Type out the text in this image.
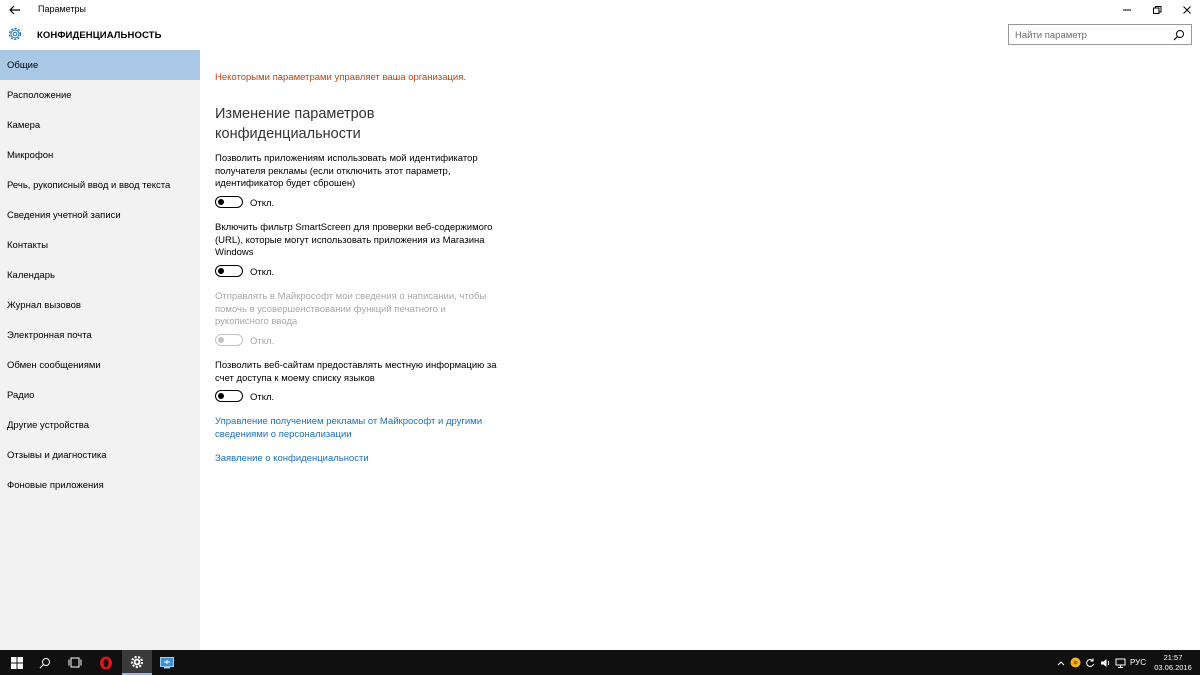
Параметры
КОНФИДЕНЦИАЛЬНОСТЬ	Найти параметр
Общие
Расположение
Камера
Микрофон
Речь, рукописный ввод и ввод текста
Сведения учетной записи
Контакты
Календарь
Журнал вызовов
Электронная почта
Обмен сообщениями
Радио
Другие устройства
Отзывы и диагностика
Фоновые приложения
Некоторыми параметрами управляет ваша организация.
Изменение параметров конфиденциальности
Позволить приложениям использовать мой идентификатор получателя рекламы (если отключить этот параметр, идентификатор будет сброшен)
Откл.
Включить фильтр SmartScreen для проверки веб-содержимого (URL), которые могут использовать приложения из Магазина Windows
Откл.
Отправлять в Майкрософт мои сведения о написании, чтобы помочь в усовершенствовании функций печатного и рукописного ввода
Откл.
Позволить веб-сайтам предоставлять местную информацию за счет доступа к моему списку языков
Откл.
Управление получением рекламы от Майкрософт и другими сведениями о персонализации
Заявление о конфиденциальности
РУС
21:57
03.06.2016
